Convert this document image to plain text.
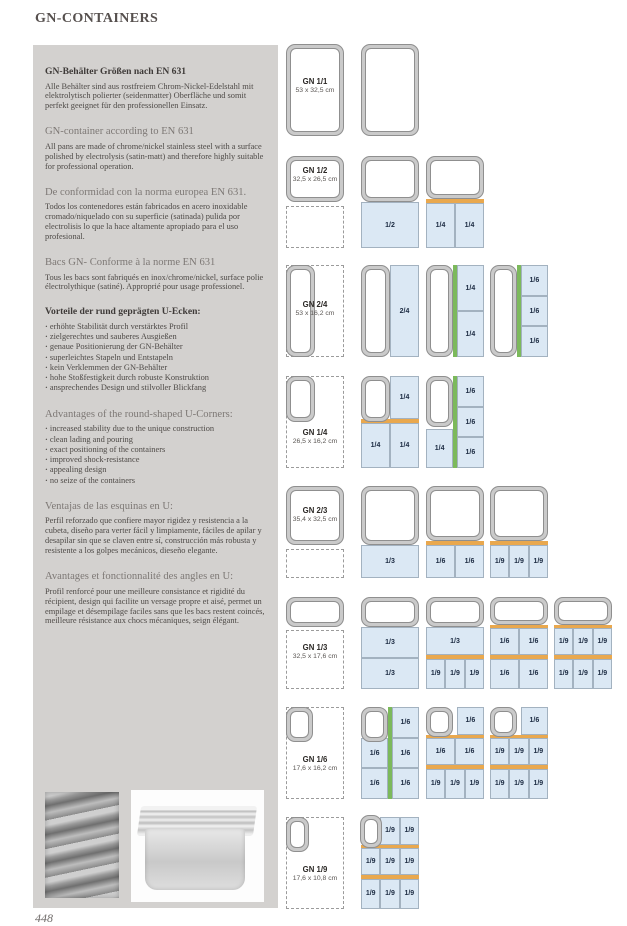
GN-CONTAINERS
GN-Behälter Größen nach EN 631
Alle Behälter sind aus rostfreiem Chrom-Nickel-Edelstahl mit elektrolytisch polierter (seidenmatter) Oberfläche und somit perfekt geeignet für den professionellen Einsatz.
GN-container according to EN 631
All pans are made of chrome/nickel stainless steel with a surface polished by electrolysis (satin-matt) and therefore highly suitable for professional operation.
De conformidad con la norma europea EN 631.
Todos los contenedores están fabricados en acero inoxidable cromado/niquelado con su superficie (satinada) pulida por electrolisis lo que la hace altamente apropiado para el uso profesional.
Bacs GN- Conforme à la norme EN 631
Tous les bacs sont fabriqués en inox/chrome/nickel, surface polie électrolythique (satiné). Approprié pour usage professionel.
Vorteile der rund geprägten U-Ecken:
· erhöhte Stabilität durch verstärktes Profil
· zielgerechtes und sauberes Ausgießen
· genaue Positionierung der GN-Behälter
· superleichtes Stapeln und Entstapeln
· kein Verklemmen der GN-Behälter
· hohe Stoßfestigkeit durch robuste Konstruktion
· ansprechendes Design und stilvoller Blickfang
Advantages of the round-shaped U-Corners:
· increased stability due to the unique construction
· clean lading and pouring
· exact positioning of the containers
· improved shock-resistance
· appealing design
· no seize of the containers
Ventajas de las esquinas en U:
Perfil reforzado que confiere mayor rigidez y resistencia a la cubeta, diseño para verter fácil y limpiamente, fáciles de apilar y desapilar sin que se claven entre sí, construcción más robusta y resistente a los golpes mecánicos, dieseño elegante.
Avantages et fonctionnalité des angles en U:
Profil renforcé pour une meilleure consistance et rigidité du récipient, design qui facilite un versage propre et aisé, permet un empilage et désempilage faciles sans que les bacs restent coincés, meilleure résistance aux chocs mécaniques, seign élégant.
GN 1/1
53 x 32,5 cm
GN 1/2
32,5 x 26,5 cm
1/2	1/4	1/4
GN 2/4
53 x 16,2 cm	2/4
1/4
1/4
1/6
1/6
1/6
GN 1/4
26,5 x 16,2 cm
1/4
1/4	1/4	1/4
1/6
1/6
1/6
GN 2/3
35,4 x 32,5 cm
1/3	1/6	1/6	1/9	1/9	1/9
GN 1/3
32,5 x 17,6 cm
1/3
1/3
1/3
1/9	1/9	1/9
1/6	1/6
1/6	1/6
1/9	1/9	1/9
1/9	1/9	1/9
GN 1/6
17,6 x 16,2 cm
1/6
1/6
1/6
1/6
1/6
1/6
1/6	1/6
1/9	1/9	1/9
1/6
1/9	1/9	1/9
1/9	1/9	1/9
GN 1/9
17,6 x 10,8 cm
1/9	1/9
1/9	1/9	1/9
1/9	1/9	1/9
448
